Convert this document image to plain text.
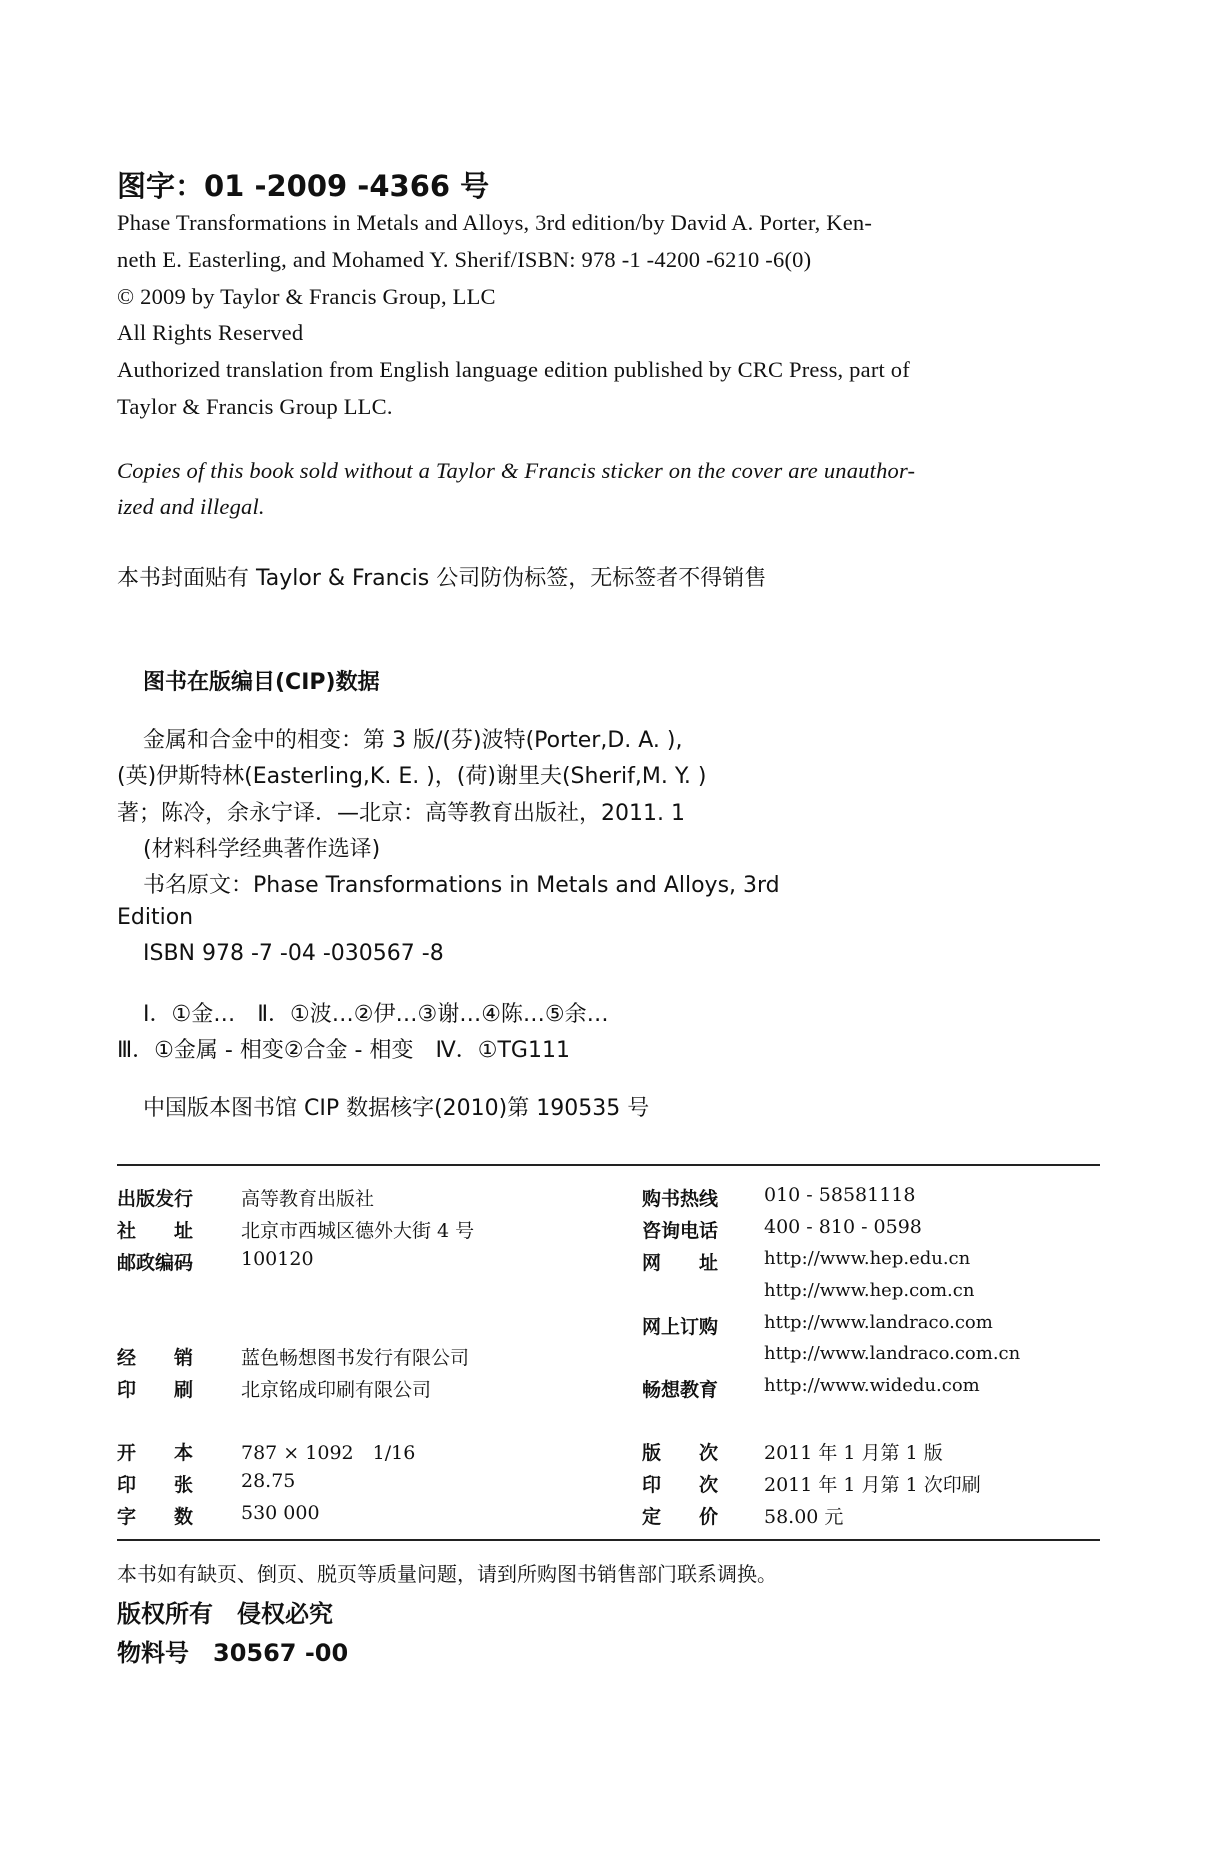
图字：01 -2009 -4366 号
Phase Transformations in Metals and Alloys, 3rd edition/by David A. Porter, Ken-
neth E. Easterling, and Mohamed Y. Sherif/ISBN: 978 -1 -4200 -6210 -6(0)
© 2009 by Taylor & Francis Group, LLC
All Rights Reserved
Authorized translation from English language edition published by CRC Press, part of
Taylor & Francis Group LLC.
Copies of this book sold without a Taylor & Francis sticker on the cover are unauthor-
ized and illegal.
本书封面贴有 Taylor & Francis 公司防伪标签，无标签者不得销售
图书在版编目(CIP)数据
金属和合金中的相变：第 3 版/(芬)波特(Porter,D. A. ),
(英)伊斯特林(Easterling,K. E. )，(荷)谢里夫(Sherif,M. Y. )
著；陈冷，余永宁译．—北京：高等教育出版社，2011. 1
(材料科学经典著作选译)
书名原文：Phase Transformations in Metals and Alloys, 3rd
Edition
ISBN 978 -7 -04 -030567 -8
Ⅰ．①金…　Ⅱ．①波…②伊…③谢…④陈…⑤余…
Ⅲ．①金属 - 相变②合金 - 相变　Ⅳ．①TG111
中国版本图书馆 CIP 数据核字(2010)第 190535 号
出版发行	高等教育出版社
社　　址	北京市西城区德外大街 4 号
邮政编码	100120
经　　销	蓝色畅想图书发行有限公司
印　　刷	北京铭成印刷有限公司
购书热线 010 - 58581118
咨询电话 400 - 810 - 0598
网　　址	http://www.hep.edu.cn
http://www.hep.com.cn
网上订购	http://www.landraco.com
http://www.landraco.com.cn
畅想教育	http://www.widedu.com
开　　本	787 × 1092　1/16
印　　张	28.75
字　　数	530 000
版　　次 2011 年 1 月第 1 版
印　　次 2011 年 1 月第 1 次印刷
定　　价 58.00 元
本书如有缺页、倒页、脱页等质量问题，请到所购图书销售部门联系调换。
版权所有　侵权必究
物料号　30567 -00
